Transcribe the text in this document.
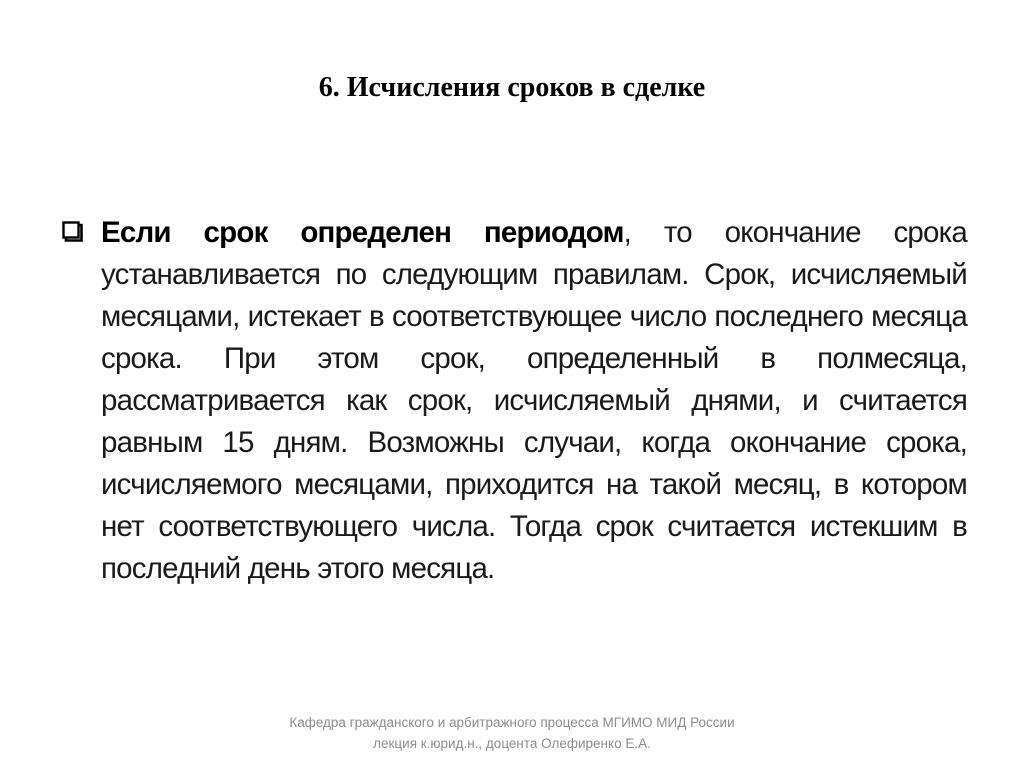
6. Исчисления сроков в сделке
Если срок определен периодом, то окончание срока устанавливается по следующим правилам. Срок, исчисляемый месяцами, истекает в соответствующее число последнего месяца срока. При этом срок, определенный в полмесяца, рассматривается как срок, исчисляемый днями, и считается равным 15 дням. Возможны случаи, когда окончание срока, исчисляемого месяцами, приходится на такой месяц, в котором нет соответствующего числа. Тогда срок считается истекшим в последний день этого месяца.
Кафедра гражданского и арбитражного процесса МГИМО МИД России
лекция к.юрид.н., доцента Олефиренко Е.А.
